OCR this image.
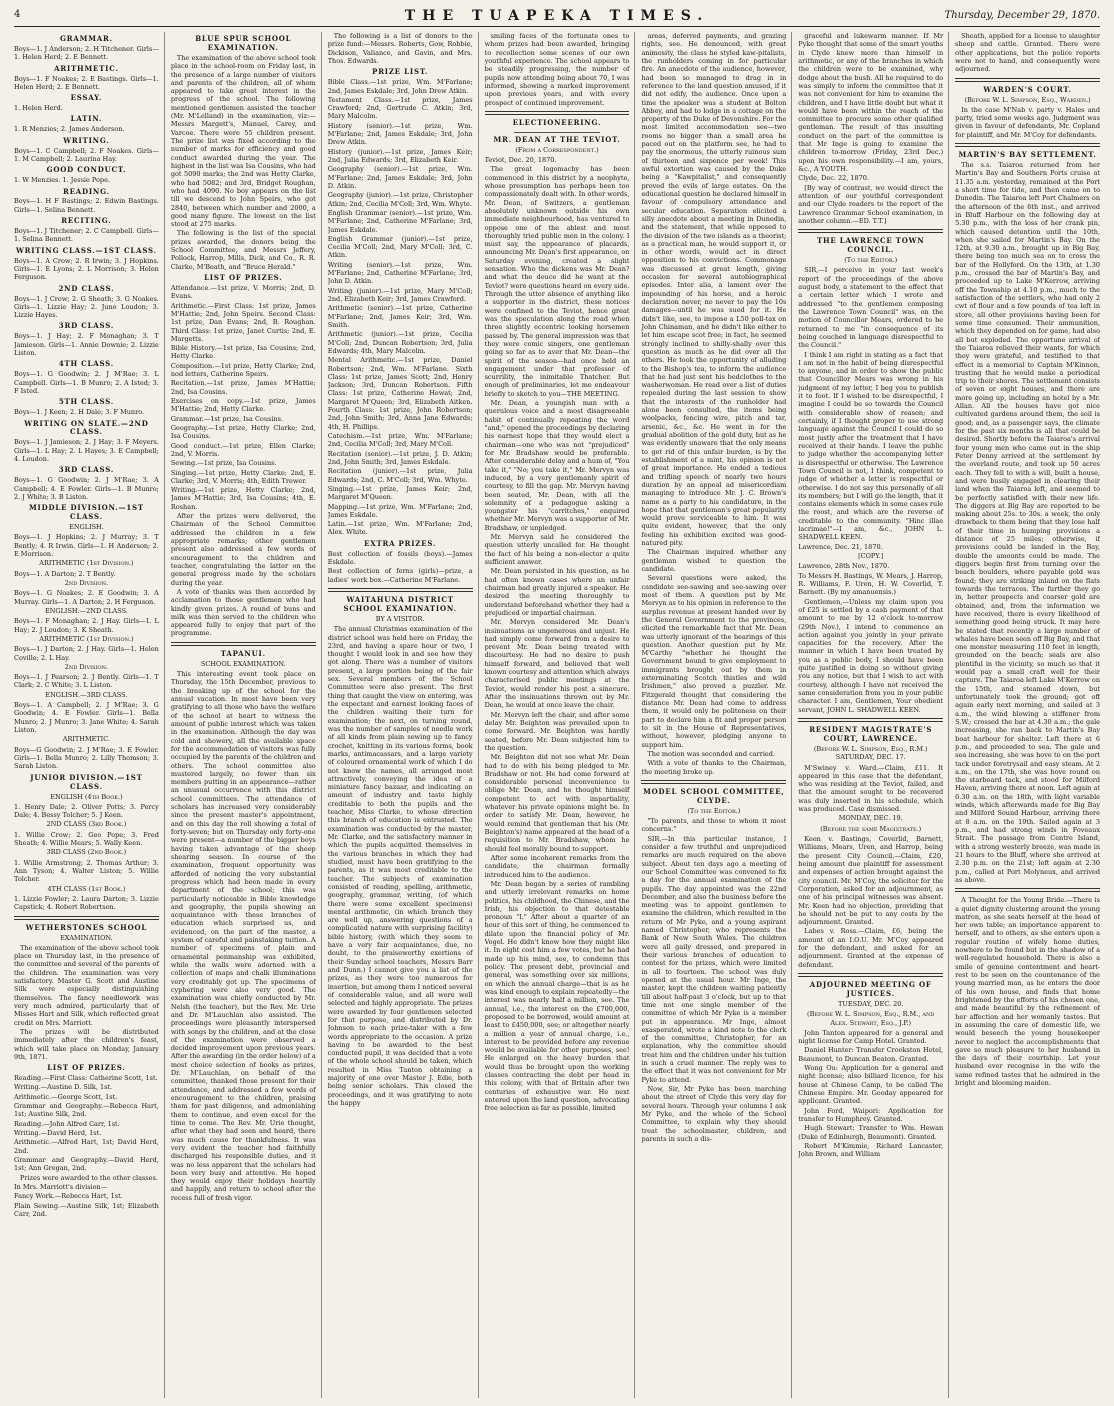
4	THE TUAPEKA TIMES.	Thursday, December 29, 1870.
GRAMMAR.

Boys—1. J Anderson; 2. H Titchener. Girls—1. Helen Herd; 2. E Bennett.

ARITHMETIC.

Boys—1. F Noakes; 2. E Bastings. Girls—1. Helen Herd; 2. E Bennett.

ESSAY.

1. Helen Herd.

LATIN.

1. R Menzies; 2. James Anderson.

WRITING.

Boys—1. C Campbell; 2. F Noakes. Girls—1. M Campbell; 2. Laurina Hay.

GOOD CONDUCT.

1. W Menzies. 1. Jessie Pope.

READING.

Boys—1. H F Bastings; 2. Edwin Bastings. Girls—1. Selina Bennett.

RECITING.

Boys—1. J Titchener; 2. C Campbell. Girls—1. Selina Bennett.

WRITING CLASS.—1ST CLASS.

Boys—1. A Crow; 2. R Irwin; 3. J Hopkins. Girls—1. E Lyons; 2. L Morrison; 3. Helen Ferguson.

2ND CLASS.

Boys—1. J Crow; 2. G Sheath; 3. G Noakes. Girls—1. Lizzie Hay; 2. June Loudon; 3. Lizzie Hayes.

3RD CLASS.

Boys—1. J Hay; 2. F Monaghan; 3. T Jamieson. Girls—1. Annie Downie; 2. Lizzie Liston.

4TH CLASS.

Boys—1. G Goodwin; 2. J M'Rae; 3. L Campbell. Girls—1. B Munro; 2. A Isted; 3. F Isted.

5TH CLASS.

Boys—1. J Keen; 2. H Dale; 3. F Munro.

WRITING ON SLATE.—2ND CLASS.

Boys—1. J Jamieson; 2. J Hay; 3. F Meyers. Girls—1. L Hay; 2. L Hayes; 3. E Campbell; 4. Loudon.

3RD CLASS.

Boys—1. G Goodwin; 2. J M'Rae; 3. A Campbell; 4. E Fowler. Girls—1. B Munro; 2. J White; 3. B Liston.

MIDDLE DIVISION.—1ST CLASS.
ENGLISH.

Boys—1. J Hopkins; 2. J Murray; 3. T Bently; 4. R Irwin. Girls—1. H Anderson; 2. E Morrison.

ARITHMETIC (1st Division.)

Boys—1. A Darton; 2. T Bently.

2nd Division.

Boys—1. G Noakes; 2. E Goodwin; 3. A Murray. Girls—1. A Darton; 2. H Ferguson.

ENGLISH.—2ND CLASS.

Boys—1. F Monaghan; 2. J Hay. Girls—1. L Hay; 2. J Loudon; 3. K Sheath.

ARITHMETIC (1st Division.)

Boys—1. J Darton; 2. J Hay. Girls—1. Helen Coville; 2. L Hay.

2nd Division.

Boys—1. J Pearson; 2. J Bently. Girls—1. T Clark; 2. C White; 3. L Liston.

ENGLISH.—3RD CLASS.

Boys—1. A Campbell; 2. J M'Rae; 3. G Goodwin; 4. E Fowler. Girls—1. Bella Munro; 2. J Munro; 3. Jane White; 4. Sarah Liston.

ARITHMETIC.

Boys—G Goodwin; 2. J M'Rae; 3. E Fowler. Girls—1. Bella Munro; 2. Lilly Thomson; 3. Sarah Liston.

JUNIOR DIVISION.—1ST CLASS.
ENGLISH (4th Book.)

1. Henry Dale; 2. Oliver Potts; 3. Percy Dale; 4. Bessy Tolcher; 5. J Keen.

2ND CLASS (3rd Book.)

1. Willie Crow; 2. Geo Pope; 3. Fred Sheath; 4. Willie Mears; 5. Wally Keen.

3RD CLASS (2nd Book.)

1. Willie Armstrong; 2. Thomas Arthur; 3. Ann Tyson; 4. Walter Liston; 5. Willie Tolcher.

4TH CLASS (1st Book.)

1. Lizzie Fowler; 2. Laura Darton; 3. Lizzie Capstick; 4. Robert Robertson.

WETHERSTONES SCHOOL
EXAMINATION.

The examination of the above school took place on Thursday last, in the presence of the committee and several of the parents of the children. The examination was very satisfactory. Master G. Scott and Austine Silk were especially distinguishing themselves. The fancy needlework was very much admired, particularly that of Misses Hart and Silk, which reflected great credit on Mrs. Marriott.

The prizes will be distributed immediately after the children's feast, which will take place on Monday, January 9th, 1871.

LIST OF PRIZES.

Reading.—First Class: Catherine Scott, 1st.

Writing.—Austine D. Silk, 1st.

Arithmetic.—George Scott, 1st.

Grammar and Geography.—Rebecca Hart, 1st; Austine Silk, 2nd.

Reading.—John Alfred Carr, 1st.

Writing.—David Herd, 1st.

Arithmetic.—Alfred Hart, 1st; David Herd, 2nd.

Grammar and Geography.—David Herd, 1st; Ann Gregan, 2nd.

Prizes were awarded to the other classes.

In Mrs. Marriott's division—

Fancy Work.—Rebecca Hart, 1st.

Plain Sewing.—Austine Silk, 1st; Elizabeth Carr, 2nd.

BLUE SPUR SCHOOL EXAMINATION.

The examination of the above school took place in the school-room on Friday last, in the presence of a large number of visitors and parents of the children, all of whom appeared to take great interest in the progress of the school. The following mentioned gentlemen assisted the teacher (Mr. M'Lelland) in the examination, viz:—Messrs Margett's, Manuel, Carey, and Varcoe. There were 55 children present. The prize list was fixed according to the number of marks for efficiency and good conduct awarded during the year. The highest in the list was Isa Cousins, who had got 5090 marks; the 2nd was Hetty Clarke, who had 5082; and 3rd, Bridget Roughan, who had 4090. No boy appears on the list till we descend to John Speirs, who got 2840, between which number and 2000, a good many figure. The lowest on the list stood at 275 marks.

The following is the list of the special prizes awarded, the donors being the School Committee, and Messrs Jeffery, Pollock, Harrop, Mills, Dick, and Co., R. R. Clarke, M'Beath, and "Bruce Herald."

LIST OF PRIZES.

Attendance.—1st prize, V. Morris; 2nd, D. Evans.

Arithmetic.—First Class: 1st prize, James M'Hattie; 2nd, John Speirs. Second Class: 1st prize, Dan Evans; 2nd, B. Roughan. Third Class: 1st prize, Janet Curtis; 2nd, E. Margetts.

Bible History.—1st prize, Isa Cousins; 2nd, Hetty Clarke.

Composition.—1st prize, Hetty Clarke; 2nd, nod letters, Catherine Speirs.

Recitation.—1st prize, James M'Hattie; 2nd, Isa Cousins.

Exercises on copy.—1st prize, James M'Hattie; 2nd, Hetty Clarke.

Grammar.—1st prize, Isa Cousins.

Geography.—1st prize, Hetty Clarke; 2nd, Isa Cousins.

Good conduct.—1st prize, Ellen Clarke; 2nd, V. Morris.

Sewing.—1st prize, Isa Cousins.

Singing.—1st prize, Hetty Clarke; 2nd, E. Clarke; 3rd, V. Morris; 4th, Edith Trewer.

Writing.—1st prize, Hetty Clarke; 2nd, James M'Hattie; 3rd, Isa Cousins; 4th, E. Roshan.

After the prizes were delivered, the Chairman of the School Committee addressed the children in a few appropriate remarks; other gentlemen present also addressed a few words of encouragement to the children and teacher, congratulating the latter on the general progress made by the scholars during the year.

A vote of thanks was then accorded by acclamation to those gentlemen who had kindly given prizes. A round of buns and milk was then served to the children who appeared fully to enjoy that part of the programme.

TAPANUI.
SCHOOL EXAMINATION.

This interesting event took place on Thursday, the 15th December, previous to the breaking up of the school for the annual vacation. In most have been very gratifying to all those who have the welfare of the school at heart to witness the amount of public interest which was taken in the examination. Although the day was cold and showery, all the available space for the accommodation of visitors was fully occupied by the parents of the children and others. The school committee also mustered largely, no fewer than six members putting in an appearance—rather an unusual occurrence with this district school committees. The attendance of scholars has increased very considerably since the present master's appointment, and on this day the roll showing a total of forty-seven; but on Thursday only forty-one were present—a number of the bigger boys having taken advantage of the sheep shearing season. In course of the examination, frequent opportunity was afforded of noticing the very substantial progress which had been made in every department of the school; this was particularly noticeable in Bible knowledge and geography, the pupils showing an acquaintance with these branches of education which surprised us, and evidenced, on the part of the master, a system of careful and painstaking tuition. A number of specimens of plain and ornamental penmanship was exhibited, while the walls were adorned with a collection of maps and chalk illuminations very creditably got up. The specimens of cyphering were also very good. The examination was chiefly conducted by Mr. Nelsh (the teacher), but the Rev. Mr. Urie and Dr. M'Lauchlan also assisted. The proceedings were pleasantly interspersed with songs by the children, and at the close of the examination were observed a decided improvement upon previous years. After the awarding (in the order below) of a most choice selection of books as prizes, Dr. M'Lauchlan, on behalf of the committee, thanked those present for their attendance, and addressed a few words of encouragement to the children, praising them for past diligence, and admonishing them to continue, and even excel for the time to come. The Rev. Mr. Urie thought, after what they had seen and heard, there was much cause for thankfulness. It was very evident the teacher had faithfully discharged his responsible duties, and it was no less apparent that the scholars had been very busy and attentive. He hoped they would enjoy their holidays heartily and happily, and return to school after the recess full of fresh vigor.

The following is a list of donors to the prize fund:—Messrs. Roberts, Gow, Robbie, Dickison, Valiance, and Gavin, and Mrs. Thos. Edwards.

PRIZE LIST.

Bible Class.—1st prize, Wm. M'Farlane; 2nd, James Eskdale; 3rd, John Drew Atkin.

Testament Class.—1st prize, James Crawford; 2nd, Gertrude C. Atkin; 3rd, Mary Malcolm.

History (senior).—1st prize, Wm. M'Farlane; 2nd, James Eskdale; 3rd, John Drew Atkin.

History (junior).—1st prize, James Keir; 2nd, Julia Edwards; 3rd, Elizabeth Keir.

Geography (senior).—1st prize, Wm. M'Farlane; 2nd, James Eskdale; 3rd, John D. Atkin.

Geography (junior).—1st prize, Christopher Atkin; 2nd, Cecilia M'Coll; 3rd, Wm. Whyte.

English Grammar (senior).—1st prize, Wm. M'Farlane; 2nd, Catherine M'Farlane; 3rd, James Eskdale.

English Grammar (junior).—1st prize, Cecilia M'Coll; 2nd, Mary M'Coll; 3rd, C. Atkin.

Writing (senior).—1st prize, Wm. M'Farlane; 2nd, Catherine M'Farlane; 3rd, John D. Atkin.

Writing (junior).—1st prize, Mary M'Coll; 2nd, Elizabeth Keir; 3rd, James Crawford.

Arithmetic (senior).—1st prize, Catherine M'Farlane; 2nd, James Keir; 3rd, Wm. Smith.

Arithmetic (junior).—1st prize, Cecilia M'Coll; 2nd, Duncan Robertson; 3rd, Julia Edwards; 4th, Mary Malcolm.

Mental Arithmetic.—1st prize, Daniel Robertson; 2nd, Wm. M'Farlane. Sixth Class: 1st prize, James Scott; 2nd, Henry Jackson; 3rd, Duncan Robertson. Fifth Class: 1st prize, Catherine Hewat; 2nd, Margaret M'Queen; 3rd, Elizabeth Aitken. Fourth Class: 1st prize, John Robertson; 2nd, John Smith; 3rd, Anna Jane Edwards; 4th, H. Phillips.

Catechism.—1st prize, Wm. M'Farlane; 2nd, Cecilia M'Coll; 3rd, Mary M'Coll.

Recitation (senior).—1st prize, J. D. Atkin; 2nd, John Smith; 3rd, James Eskdale.

Recitation (junior).—1st prize, Julia Edwards; 2nd, C. M'Coll; 3rd, Wm. Whyte.

Singing.—1st prize, James Keir; 2nd, Margaret M'Queen.

Mapping.—1st prize, Wm. M'Farlane; 2nd, James Eskdale.

Latin.—1st prize, Wm. M'Farlane; 2nd, Alex. White.

EXTRA PRIZES.

Best collection of fossils (boys).—James Eskdale.

Best collection of ferns (girls)—prize, a ladies' work box.—Catherine M'Farlane.

WAITAHUNA DISTRICT SCHOOL EXAMINATION.
BY A VISITOR.

The annual Christmas examination of the district school was held here on Friday, the 23rd, and having a spare hour or two, I thought I would look in and see how they got along. There was a number of visitors present, a large portion being of the fair sex. Several members of the School Committee were also present. The first thing that caught the view on entering, was the expectant and earnest looking faces of the children waiting their turn for examination; the next, on turning round, was the number of samples of needle work of all kinds from plain sewing up to fancy crochet, knitting in its various forms, book marks, antimacassars, and a large variety of coloured ornamental work of which I do not know the names, all arranged most attractively, conveying the idea of a miniature fancy bazaar, and indicating an amount of industry and taste highly creditable to both the pupils and the teacher, Miss Clarke, to whose direction this branch of education is entrusted. The examination was conducted by the master, Mr. Clarke, and the satisfactory manner in which the pupils acquitted themselves in the various branches in which they had studied, must have been gratifying to the parents, as it was most creditable to the teacher. The subjects of examination consisted of reading, spelling, arithmetic, geography, grammar, writing, (of which there were some excellent specimens) mental arithmetic, (in which branch they are well up, answering questions of a complicated nature with surprising facility) bible history, (with which they seem to have a very fair acquaintance, due, no doubt, to the praiseworthy exertions of their Sunday school teachers, Messrs Barr and Dunn.) I cannot give you a list of the prizes, as they were too numerous for insertion, but among them I noticed several of considerable value, and all were well selected and highly appropriate. The prizes were awarded by four gentlemen selected for that purpose, and distributed by Dr. Johnson to each prize-taker with a few words appropriate to the occasion. A prize having to be awarded to the best conducted pupil, it was decided that a vote of the whole school should be taken, which resulted in Miss Tanton obtaining a majority of one over Master J. Edie, both being senior scholars. This closed the proceedings, and it was gratifying to note the happy

smiling faces of the fortunate ones to whom prizes had been awarded, bringing to recollection some scenes of our own youthful experience. The school appears to be steadily progressing, the number of pupils now attending being about 70, I was informed, showing a marked improvement upon previous years, and with every prospect of continued improvement.

ELECTIONEERING.
MR. DEAN AT THE TEVIOT.
(From a Correspondent.)

Teviot, Dec. 20, 1870.

The great logomachy has been commenced in this district by a neophyte, whose presumption has perhaps been too compassionately dealt with. In other words, Mr. Dean, of Switzers, a gentleman absolutely unknown outside his own immediate neighbourhood, has ventured to oppose one of the ablest and most thoroughly tried public men in the colony. I must say, the appearance of placards, announcing Mr. Dean's first appearance, on Saturday evening, created a slight sensation. Who the dickens was Mr. Dean? and what the deuce did he want at the Teviot? were questions heard on every side. Through the utter absence of anything like a supporter in the district, these notices were confined to the Teviot, hence great was the speculation along the road when three slightly eccentric looking horsemen passed by. The general impression was that they were comic singers, one gentleman going so far as to aver that Mr. Dean—the spirit of the season—had once held an engagement under that professor of scurrility, the inimitable Thatcher. But enough of preliminaries, let me endeavour briefly to sketch to you—THE MEETING.

Mr. Dean, a youngish man with a querulous voice and a most disagreeable habit of continually repeating the word "and," opened the proceedings by declaring his earnest hope that they would elect a chairman—one who was not "prejudiced" for Mr. Bradshaw would be preferable. After considerable delay and a hum of, "You take it," "No; you take it," Mr. Mervyn was induced, by a very gentlemanly spirit of courtesy, to fill the gap. Mr. Mervyn having been seated, Mr. Dean, with all the solemnity of a pedagogue asking a youngster his "carritches," enquired whether Mr. Mervyn was a supporter of Mr. Bradshaw, or unpledged.

Mr. Mervyn said he considered the question utterly uncalled for. He thought the fact of his being a non-elector a quite sufficient answer.

Mr. Dean persisted in his question, as he had often known cases where an unfair chairman had greatly injured a speaker. He desired the meeting thoroughly to understand beforehand whether they had a prejudiced or impartial chairman.

Mr. Mervyn considered Mr. Dean's insinuations as ungenerous and unjust. He had simply come forward from a desire to prevent Mr. Dean being treated with discourtesy. He had no desire to push himself forward, and believed that well known courtesy and attention which always characterised public meetings at the Teviot, would render his post a sinecure. After the insinuations thrown out by Mr. Dean, he would at once leave the chair.

Mr. Mervyn left the chair, and after some delay Mr. Beighton was prevailed upon to come forward. Mr. Beighton was hardly seated, before Mr. Dean subjected him to the question.

Mr. Beighton did not see what Mr. Dean had to do with his being pledged to Mr. Bradshaw or not. He had come forward at considerable personal inconvenience to oblige Mr. Dean, and he thought himself competent to act with impartiality, whatever his private opinions might be. In order to satisfy Mr. Dean, however, he would remind that gentleman that his (Mr. Beighton's) name appeared at the head of a requisition to Mr. Bradshaw, whom he should feel morally bound to support.

After some incoherent remarks from the candidate, the chairman formally introduced him to the audience.

Mr. Dean began by a series of rambling and utterly irrelevant remarks on home politics, his childhood, the Chinese, and the Irish, his objection to that detestable pronoun "I." After about a quarter of an hour of this sort of thing, he commenced to dilate upon the financial policy of Mr. Vogel. He didn't know how they might like it. In eight cost him a few votes, but he had made up his mind, see, to condemn this policy. The present debt, provincial and general, was something over six millions, on which the annual charge—that is as he was kind enough to explain repeatedly—the interest was nearly half a million, see. The annual, i.e., the interest on the £700,000, proposed to be borrowed, would amount at least to £450,000, see; or altogether nearly a million a year of annual charge, i.e., interest to be provided before any revenue would be available for other purposes, see! He enlarged on the heavy burden that would thus be brought upon the working classes contracting the debt per head in this colony, with that of Britain after two centuries of exhaustive war. He next entered upon the land question, advocating free selection as far as possible, limited

areas, deferred payments, and grazing rights, see. He denounced, with great animosity, the class he styled kaw-pitalists, the runholders coming in for particular fire. An anecdote of the audience, however, had been so managed to drag in in reference to the land question amused, if it did not edify, the audience. Once upon a time the speaker was a student at Bolton Abbey, and had to lodge in a cottage on the property of the Duke of Devonshire. For the most limited accommodation see—two rooms no bigger than a small area he paced out on the platform see, he had to pay the enormous, the utterly ruinous sum of thirteen and sixpence per week! This awful extortion was caused by the Duke being a "Kawpitalist," and consequently proved the evils of large estates. On the educational question he declared himself in favour of compulsory attendance and secular education. Separation elicited a silly anecdote about a meeting in Dunedin, and the statement, that while opposed to the division of the two islands as a theorist; as a practical man, he would support it, or in other words, would act in direct opposition to his convictions. Commonage was discussed at great length, giving occasion for several autobiographical episodes. Inter alia, a lament over the impounding of his horse, and a heroic declaration never, no never to pay the 10s damages—until he was sued for it. He didn't like, see, to impose a L50 poll-tax on John Chinaman, and he didn't like either to let him escape scot free; in fact, he seemed strongly inclined to shilly-shally over this question as much as he did over all the others. He took the opportunity of alluding to the Bishop's tea, to inform the audience that he had just sent his bedclothes to the washerwoman. He read over a list of duties repealed during the last session to show that the interests of the runholder had alone been consulted, the items being woolpacks, fencing wire, pitch and tar, arsenic, &c., &c. He went in for the gradual abolition of the gold duty, but as he was evidently unaware that the only means to get rid of this unfair burden, is by the establishment of a mint, his opinion is not of great importance. He ended a tedious and trifling speech of nearly two hours duration by an appeal ad misericordiam managing to introduce Mr. J. C. Brown's name as a party to his candidature, in the hope that that gentleman's great popularity would prove serviceable to him. It was quite evident, however, that the only feeling his exhibition excited was good-natured pity.

The Chairman inquired whether any gentleman wished to question the candidate.

Several questions were asked, the candidate see-sawing and see-sawing over most of them. A question put by Mr. Mervyn as to his opinion in reference to the surplus revenue at present handed over by the General Government to the provinces, elicited the remarkable fact that Mr. Dean was utterly ignorant of the bearings of this question. Another question put by Mr. M'Carthy "whether he thought the Government bound to give employment to immigrants brought out by them in exterminating Scotch thistles and wild Irishmen," also proved a puzzler. Mr. Fitzgerald thought that considering the distance Mr. Dean had come to address them, it would only be politeness on their part to declare him a fit and proper person to sit in the House of Representatives, without, however, pledging anyone to support him.

The motion was seconded and carried.

With a vote of thanks to the Chairman, the meeting broke up.

MODEL SCHOOL COMMITTEE, CLYDE.
(To the Editor.)

"To parents, and those to whom it most concerns."

SIR,—In this particular instance, I consider a few truthful and unprejudiced remarks are much required on the above subject. About ten days ago a meeting of our School Committee was convened to fix a day for the annual examination of the pupils. The day appointed was the 22nd December, and also the business before the meeting was to appoint gentlemen to examine the children, which resulted in the return of Mr Pyke, and a young aspirant named Christopher, who represents the Bank of New South Wales. The children were all gaily dressed, and prepared in their various branches of education to contest for the prizes, which were limited in all to fourteen. The school was duly opened at the usual hour. Mr Inge, the master, kept the children waiting patiently till about half-past 3 o'clock, but up to that time not one single member of the committee of which Mr Pyke is a member put in appearance. Mr Inge, almost exasperated, wrote a kind note to the clerk of the committee, Christopher, for an explanation, why the committee should treat him and the children under his tuition in such a cruel manner. The reply was to the effect that it was not convenient for Mr Pyke to attend.

Now, Sir, Mr Pyke has been marching about the street of Clyde this very day for several hours. Through your columns I ask Mr Pyke, and the whole of the School Committee, to explain why they should treat the schoolmaster, children, and parents in such a dis-

graceful and lukewarm manner. If Mr Pyke thought that some of the smart youths in Clyde knew more than himself in arithmetic, or any of the branches in which the children were to be examined, why dodge about the bush. All he required to do was simply to inform the committee that it was not convenient for him to examine the children, and I have little doubt but what it would have been within the reach of the committee to procure some other qualified gentleman. The result of this insulting conduct on the part of the committee is that Mr Inge is going to examine the children to-morrow (Friday, 23rd Dec.) upon his own responsibility.—I am, yours, &c., A YOUTH.

Clyde, Dec. 22, 1870.

[By way of contrast, we would direct the attention of our youthful correspondent and our Clyde readers to the report of the Lawrence Grammar School examination, in another column.—ED. T.T.]

THE LAWRENCE TOWN COUNCIL.
(To the Editor.)

SIR,—I perceive in your last week's report of the proceedings of the above august body, a statement to the effect that a certain letter which I wrote and addressed "to the gentlemen composing the Lawrence Town Council" was, on the motion of Councillor Mears, ordered to be returned to me "in consequence of its being couched in language disrespectful to the Council."

I think I am right in stating as a fact that I am not in the habit of being disrespectful to anyone, and in order to show the public that Councillor Mears was wrong in his judgment of my letter, I beg you to publish it to foot. If I wished to be disrespectful, I imagine I could be so towards the Council with considerable show of reason; and certainly, if I thought proper to use strong language against the Council I could do so most justly after the treatment that I have received at their hands. I leave the public to judge whether the accompanying letter is disrespectful or otherwise. The Lawrence Town Council is not, I think, competent to judge of whether a letter is respectful or otherwise. I do not say this personally of all its members; but I will go the length, that it contains elements which in some cases rule the roost, and which are the reverse of creditable to the community. "Hinc illae lacrimae!"—I am, &c., JOHN L. SHADWELL KEEN.

Lawrence, Dec. 21, 1870.

[COPY.]

Lawrence, 28th Nov., 1870.

To Messrs H. Bastings, W. Mears, J. Harrop, R. Williams, F. Uren, H. W. Coverlid, T. Barnett. (By my amanuensis.)

Gentlemen,—Unless my claim upon you of £25 is settled by a cash payment of that amount to me by 12 o'clock to-morrow (29th Nov.), I intend to commence an action against you jointly in your private capacities for the recovery. After the manner in which I have been treated by you as a public body, I should have been quite justified in doing so without giving you any notice, but that I wish to act with courtesy, although I have not received the same consideration from you in your public character. I am, Gentlemen, Your obedient servant, JOHN L. SHADWELL KEEN.

RESIDENT MAGISTRATE'S COURT, LAWRENCE.
(Before W. L. Simpson, Esq., R.M.) SATURDAY, DEC. 17.

M'Swiney v. Ward.—Claim, £11. It appeared in this case that the defendant, who was residing at the Teviot, failed, and that the amount sought to be recovered was duly inserted in his schedule, which was produced. Case dismissed.

MONDAY, DEC. 19.
(Before the same Magistrate.)

Keen v. Bastings, Coverlid, Barnett, Williams, Mears, Uren, and Harrop, being the present City Council.—Claim, £20, being amount due plaintiff for assessment and expenses of action brought against the city council. Mr. M'Coy, the solicitor for the Corporation, asked for an adjournment, as one of his principal witnesses was absent. Mr. Keen had no objection, providing that he should not be put to any costs by the adjournment. Granted.

Labes v. Ross.—Claim, £6, being the amount of an I.O.U. Mr. M'Coy appeared for the defendant, and asked for an adjournment. Granted at the expense of defendant.

ADJOURNED MEETING OF JUSTICES.
TUESDAY, DEC. 20.
(Before W. L. Simpson, Esq., R.M., and Alex. Stewart, Esq., J.P.)

John Tanton appeared for a general and night license for Camp Hotel. Granted.

Daniel Hunter: Transfer Crookston Hotel, Beaumont, to Duncan Beaton. Granted.

Wong Ou: Application for a general and night license; also billiard licence, for his house at Chinese Camp, to be called The Chinese Empire. Mr. Gooday appeared for applicant. Granted.

John Ford, Waipori: Application for transfer to Humphrey. Granted.

Hugh Stewart: Transfer to Wm. Hewan (Duke of Edinburgh, Beaumont). Granted.

Robert M'Kimmie, Richard Lancaster, John Brown, and William

Sheath, applied for a license to slaughter sheep and cattle. Granted. There were other applications, but the police reports were not to hand, and consequently were adjourned.

WARDEN'S COURT.
(Before W. L. Simpson, Esq., Warden.)

In the case M'Nab v. party v. Hales and party, tried some weeks ago. Judgment was given in favour of defendants, Mr. Copland for plaintiff, and Mr. M'Coy for defendants.

MARTIN'S BAY SETTLEMENT.

The s.s. Taiaroa returned from her Martin's Bay and Southern Ports cruise at 11.35 a.m. yesterday, remained at the Port a short time for tide, and then came on to Dunedin. The Taiaroa left Port Chalmers on the afternoon of the 6th inst., and arrived in Bluff Harbour on the following day at 5.30 p.m., with the loss of her crank pin, which caused detention until the 10th, when she sailed for Martin's Bay. On the 12th, at 9.30 a.m., brought up in Big Bay, there being too much sea on to cross the bar of the Hollyford. On the 13th, at 1.30 p.m., crossed the bar of Martin's Bay, and proceeded up to Lake M'Kerrow, arriving off the Township at 4.10 p.m., much to the satisfaction of the settlers, who had only 2 cwt of flour and a few pounds of tea left in store, all other provisions having been for some time consumed. Their ammunition, which they depended on for game, had also all but exploded. The opportune arrival of the Taiaroa relieved their wants, for which they were grateful, and testified to that effect in a memorial to Captain M'Kinnon, trusting that he would make a periodical trip to their shores. The settlement consists of seven or eight houses, and there are more going up, including an hotel by a Mr. Allan. All the houses have got nice cultivated gardens around them, the soil is good; and, as a passenger says, the climate for the past six months is all that could be desired. Shortly before the Taiaroa's arrival four young men who came out in the ship Peter Denny arrived at the settlement by the overland route, and took up 50 acres each. They fell to with a will, built a house, and were busily engaged in clearing their land when the Taiaroa left, and seemed to be perfectly satisfied with their new life. The diggers at Big Bay are reported to be making about 25s. to 30s. a week, the only drawback to them being that they lose half of their time in humping provisions a distance of 25 miles; otherwise, if provisions could be landed in the Bay, double the amounts could be made. The diggers begin first from turning over the beach boulders, where payable gold was found; they are striking inland on the flats towards the terraces. The further they go in, better prospects and coarser gold are obtained, and, from the information we have received, there is every likelihood of something good being struck. It may here be stated that recently a large number of whales have been seen off Big Bay, and that one monster measuring 110 feet in length, grounded on the beach; seals are also plentiful in the vicinity, so much so that it would pay a small craft well for their capture. The Taiaroa left Lake M'Kerrow on the 15th, and steamed down, but unfortunately took the ground; got off again early next morning, and sailed at 3 a.m., the wind blowing a stiffener from S.W.; crossed the bar at 4.30 a.m.; the gale increasing, she ran back to Martin's Bay boat harbour for shelter. Left there at 6 p.m., and proceeded to sea. The gale and sea increasing, she was hove to on the port tack under foretrysail and easy steam. At 2 a.m., on the 17th, she was hove round on the starboard tack, and stood for Milford Haven, arriving there at noon. Left again at 6.30 a.m. on the 18th, with light variable winds, which afterwards made for Big Bay and Milford Sound Harbour, arriving there at 8 a.m. on the 19th. Sailed again at 3 p.m., and had strong winds in Foveaux Strait. The passage from Centre Island, with a strong westerly breeze, was made in 21 hours to the Bluff, where she arrived at 2.30 p.m. on the 21st; left again at 2.30 p.m., called at Port Molyneux, and arrived as above.

A Thought for the Young Bride.—There is a quiet dignity clustering around the young matron, as she seats herself at the head of her own table; an importance apparent to herself, and to others, as she enters upon a regular routine of wifely home duties, nowhere to be found but in the shadow of a well-regulated household. There is also a smile of genuine contentment and heart-rest to be seen on the countenance of the young married man, as he enters the door of his own house, and finds that home brightened by the efforts of his chosen one, and made beautiful by the refinement of her affection and her womanly tastes. But in assuming the care of domestic life, we would beseech the young housekeeper never to neglect the accomplishments that gave so much pleasure to her husband in the days of their courtship. Let your husband ever recognise in the wife the same refined tastes that he admired in the bright and blooming maiden.
